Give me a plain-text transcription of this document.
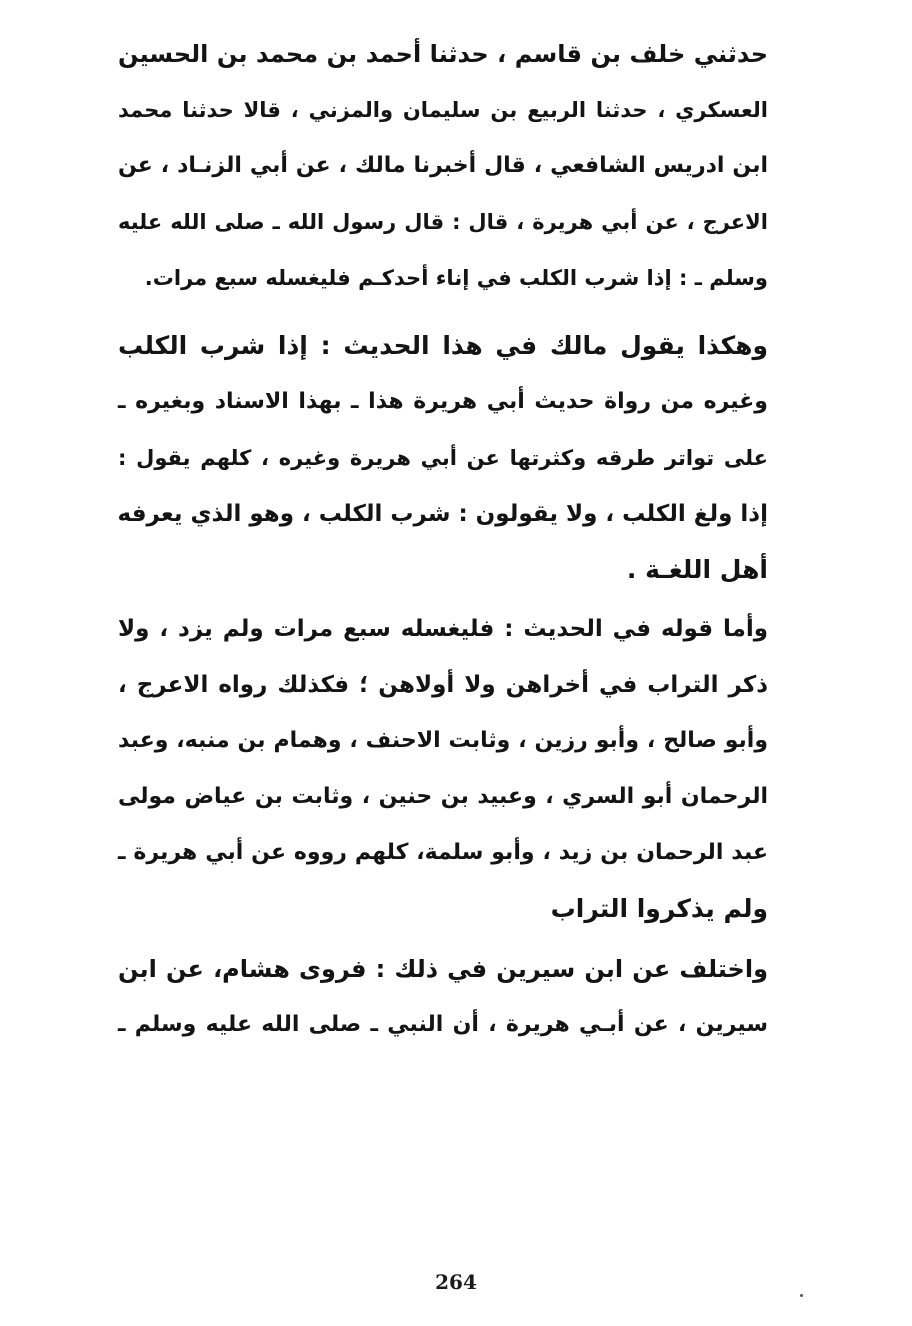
حدثني خلف بن قاسم ، حدثنا أحمد بن محمد بن الحسين
العسكري ، حدثنا الربيع بن سليمان والمزني ، قالا حدثنا محمد
ابن ادريس الشافعي ، قال أخبرنا مالك ، عن أبي الزنـاد ، عن
الاعرج ، عن أبي هريرة ، قال : قال رسول الله ـ صلى الله عليه
وسلم ـ : إذا شرب الكلب في إناء أحدكـم فليغسله سبع مرات.
وهكذا يقول مالك في هذا الحديث : إذا شرب الكلب
وغيره من رواة حديث أبي هريرة هذا ـ بهذا الاسناد وبغيره ـ
على تواتر طرقه وكثرتها عن أبي هريرة وغيره ، كلهم يقول :
إذا ولغ الكلب ، ولا يقولون : شرب الكلب ، وهو الذي يعرفه
أهل اللغـة .
وأما قوله في الحديث : فليغسله سبع مرات ولم يزد ، ولا
ذكر التراب في أخراهن ولا أولاهن ؛ فكذلك رواه الاعرج ،
وأبو صالح ، وأبو رزين ، وثابت الاحنف ، وهمام بن منبه، وعبد
الرحمان أبو السري ، وعبيد بن حنين ، وثابت بن عياض مولى
عبد الرحمان بن زيد ، وأبو سلمة، كلهم رووه عن أبي هريرة ـ
ولم يذكروا التراب
واختلف عن ابن سيرين في ذلك : فروى هشام، عن ابن
سيرين ، عن أبـي هريرة ، أن النبي ـ صلى الله عليه وسلم ـ
264
